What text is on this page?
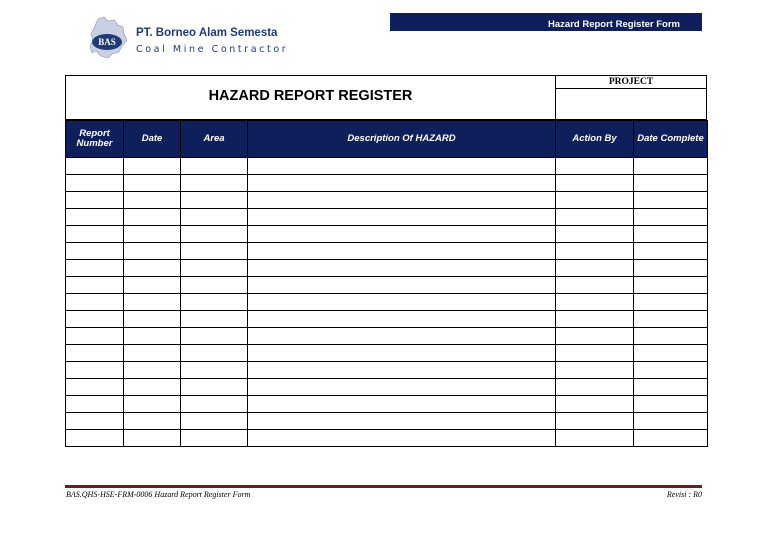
BAS
PT. Borneo Alam Semesta
Coal Mine Contractor
Hazard Report Register Form
HAZARD REPORT REGISTER
PROJECT
Report Number	Date	Area	Description Of HAZARD	Action By	Date Complete

BAS.QHS-HSE-FRM-0006 Hazard Report Register Form	Revisi : R0
